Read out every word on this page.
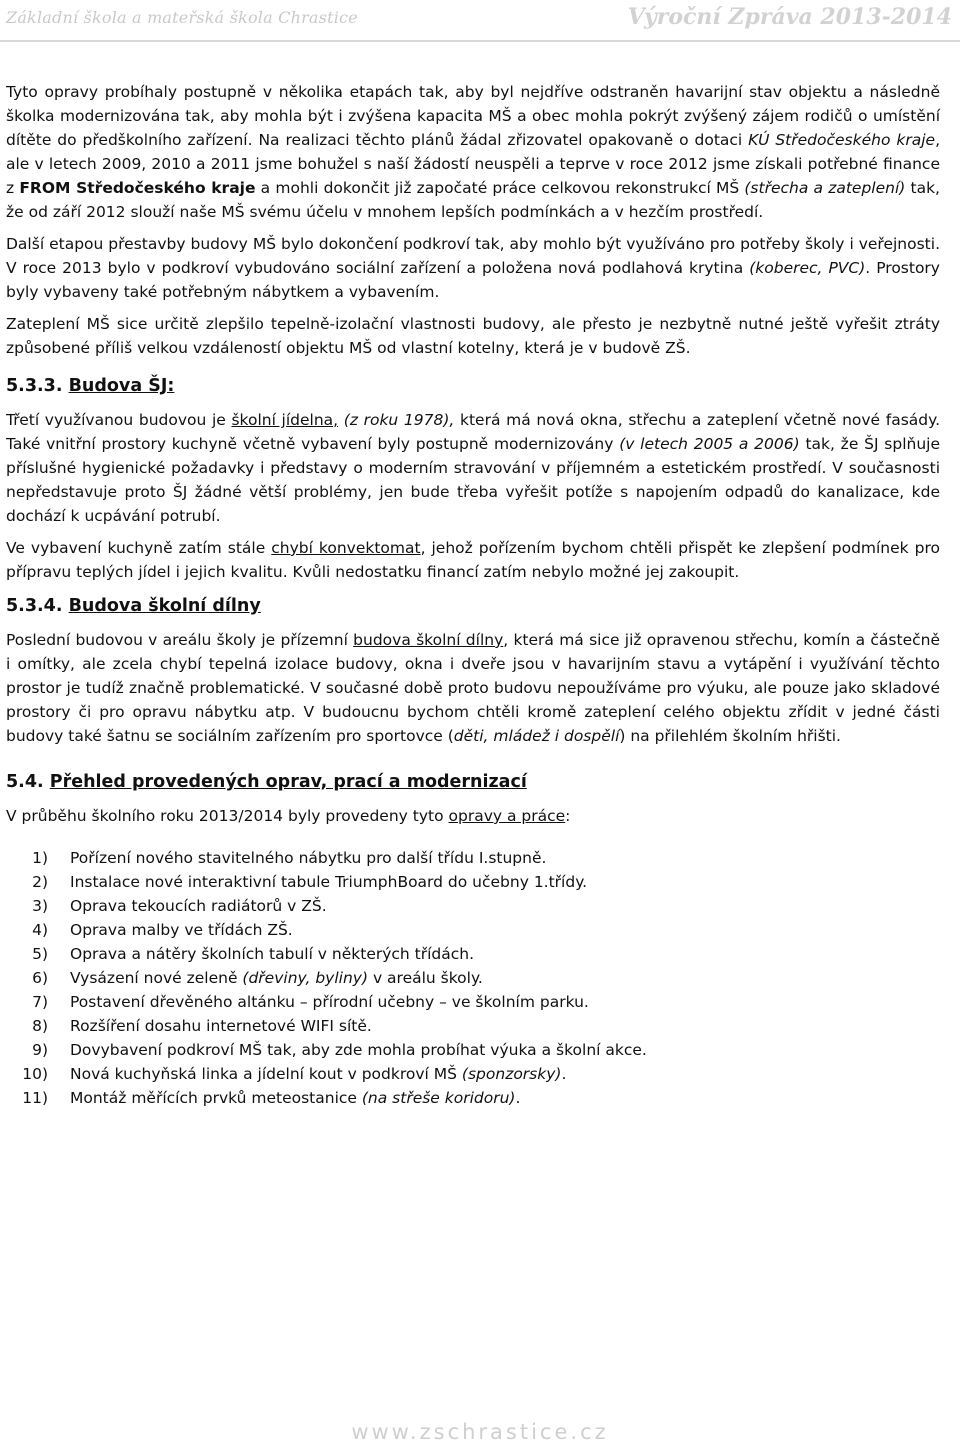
Základní škola a mateřská škola Chrastice	Výroční Zpráva 2013-2014

Tyto opravy probíhaly postupně v několika etapách tak, aby byl nejdříve odstraněn havarijní stav objektu a následně školka modernizována tak, aby mohla být i zvýšena kapacita MŠ a obec mohla pokrýt zvýšený zájem rodičů o umístění dítěte do předškolního zařízení. Na realizaci těchto plánů žádal zřizovatel opakovaně o dotaci KÚ Středočeského kraje, ale v letech 2009, 2010 a 2011 jsme bohužel s naší žádostí neuspěli a teprve v roce 2012 jsme získali potřebné finance z FROM Středočeského kraje a mohli dokončit již započaté práce celkovou rekonstrukcí MŠ (střecha a zateplení) tak, že od září 2012 slouží naše MŠ svému účelu v mnohem lepších podmínkách a v hezčím prostředí.

Další etapou přestavby budovy MŠ bylo dokončení podkroví tak, aby mohlo být využíváno pro potřeby školy i veřejnosti. V roce 2013 bylo v podkroví vybudováno sociální zařízení a položena nová podlahová krytina (koberec, PVC). Prostory byly vybaveny také potřebným nábytkem a vybavením.

Zateplení MŠ sice určitě zlepšilo tepelně-izolační vlastnosti budovy, ale přesto je nezbytně nutné ještě vyřešit ztráty způsobené příliš velkou vzdáleností objektu MŠ od vlastní kotelny, která je v budově ZŠ.

5.3.3. Budova ŠJ:

Třetí využívanou budovou je školní jídelna, (z roku 1978), která má nová okna, střechu a zateplení včetně nové fasády. Také vnitřní prostory kuchyně včetně vybavení byly postupně modernizovány (v letech 2005 a 2006) tak, že ŠJ splňuje příslušné hygienické požadavky i představy o moderním stravování v příjemném a estetickém prostředí. V současnosti nepředstavuje proto ŠJ žádné větší problémy, jen bude třeba vyřešit potíže s napojením odpadů do kanalizace, kde dochází k ucpávání potrubí.

Ve vybavení kuchyně zatím stále chybí konvektomat, jehož pořízením bychom chtěli přispět ke zlepšení podmínek pro přípravu teplých jídel i jejich kvalitu. Kvůli nedostatku financí zatím nebylo možné jej zakoupit.

5.3.4. Budova školní dílny

Poslední budovou v areálu školy je přízemní budova školní dílny, která má sice již opravenou střechu, komín a částečně i omítky, ale zcela chybí tepelná izolace budovy, okna i dveře jsou v havarijním stavu a vytápění i využívání těchto prostor je tudíž značně problematické. V současné době proto budovu nepoužíváme pro výuku, ale pouze jako skladové prostory či pro opravu nábytku atp. V budoucnu bychom chtěli kromě zateplení celého objektu zřídit v jedné části budovy také šatnu se sociálním zařízením pro sportovce (děti, mládež i dospělí) na přilehlém školním hřišti.

5.4. Přehled provedených oprav, prací a modernizací

V průběhu školního roku 2013/2014 byly provedeny tyto opravy a práce:

1) Pořízení nového stavitelného nábytku pro další třídu I.stupně.
2) Instalace nové interaktivní tabule TriumphBoard do učebny 1.třídy.
3) Oprava tekoucích radiátorů v ZŠ.
4) Oprava malby ve třídách ZŠ.
5) Oprava a nátěry školních tabulí v některých třídách.
6) Vysázení nové zeleně (dřeviny, byliny) v areálu školy.
7) Postavení dřevěného altánku – přírodní učebny – ve školním parku.
8) Rozšíření dosahu internetové WIFI sítě.
9) Dovybavení podkroví MŠ tak, aby zde mohla probíhat výuka a školní akce.
10) Nová kuchyňská linka a jídelní kout v podkroví MŠ (sponzorsky).
11) Montáž měřících prvků meteostanice (na střeše koridoru).
www.zschrastice.cz
